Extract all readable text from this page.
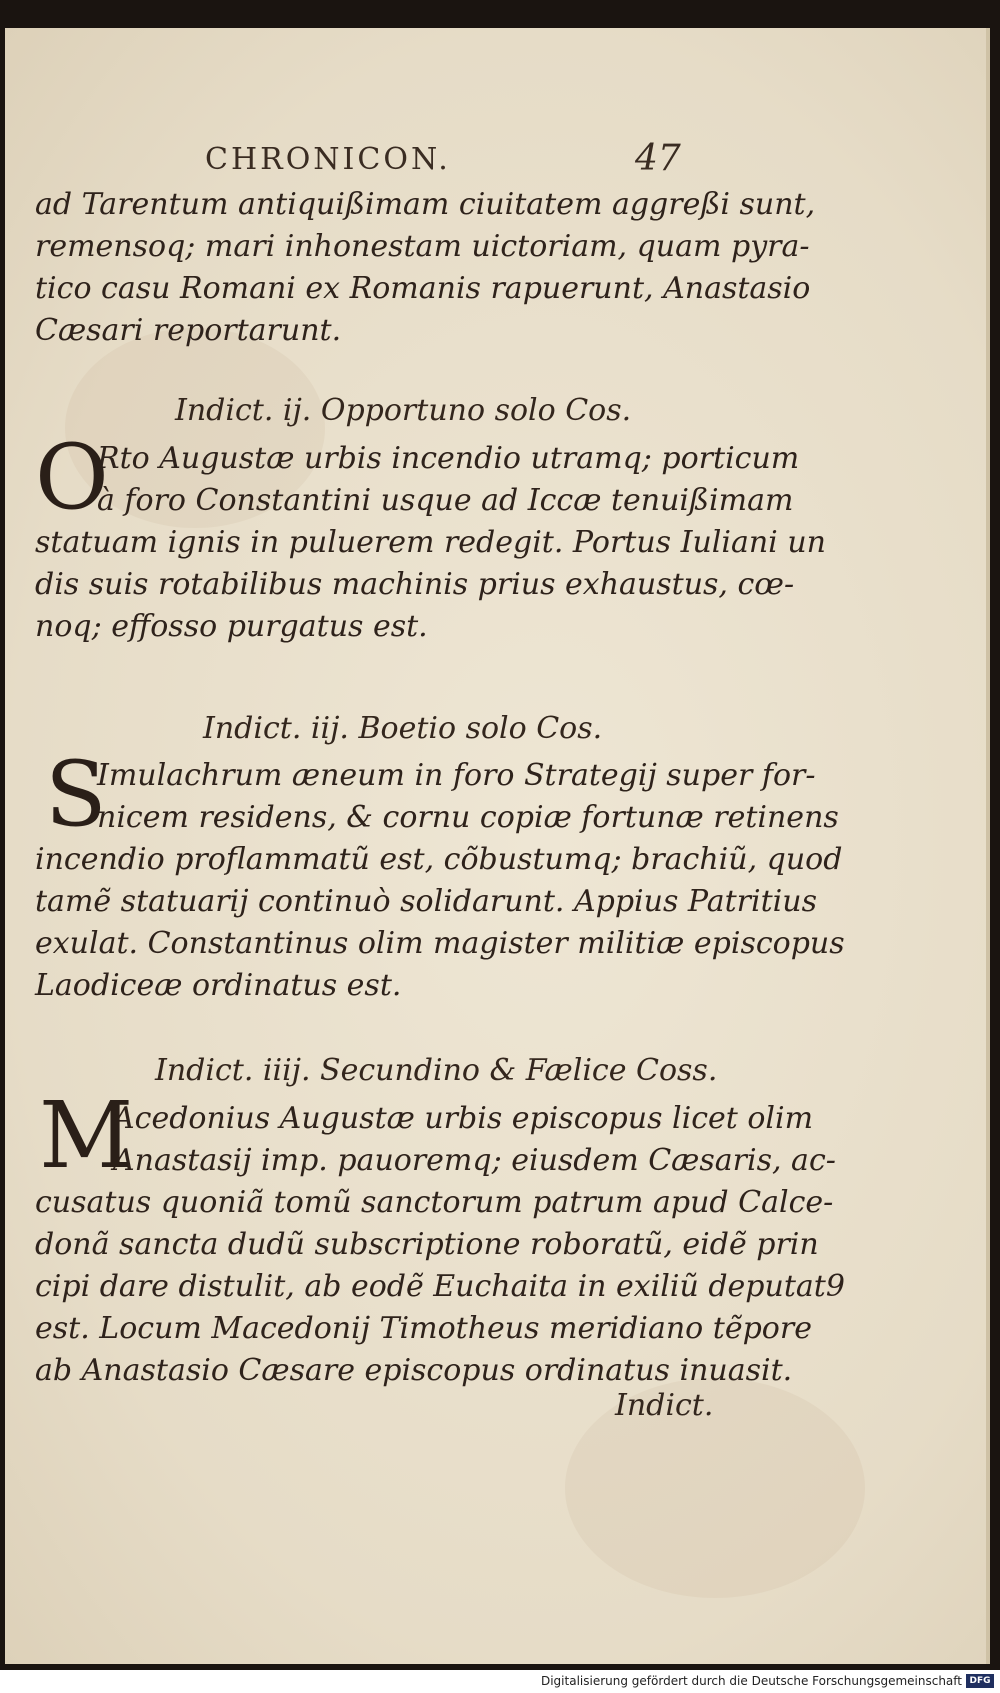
CHRONICON.	47

ad Tarentum antiquißimam ciuitatem aggreßi sunt,

remensoq; mari inhonestam uictoriam, quam pyra-

tico casu Romani ex Romanis rapuerunt, Anastasio

Cæsari reportarunt.

Indict. ij. Opportuno solo Cos.
O

Rto Augustæ urbis incendio utramq; porticum

à foro Constantini usque ad Iccæ tenuißimam

statuam ignis in puluerem redegit. Portus Iuliani un

dis suis rotabilibus machinis prius exhaustus, cœ-

noq; effosso purgatus est.

Indict. iij. Boetio solo Cos.
S

Imulachrum æneum in foro Strategij super for-

nicem residens, & cornu copiæ fortunæ retinens

incendio proflammatũ est, cõbustumq; brachiũ, quod

tamẽ statuarij continuò solidarunt. Appius Patritius

exulat. Constantinus olim magister militiæ episcopus

Laodiceæ ordinatus est.

Indict. iiij. Secundino & Fælice Coss.
M

Acedonius Augustæ urbis episcopus licet olim

Anastasij imp. pauoremq; eiusdem Cæsaris, ac-

cusatus quoniã tomũ sanctorum patrum apud Calce-

donã sancta dudũ subscriptione roboratũ, eidẽ prin

cipi dare distulit, ab eodẽ Euchaita in exiliũ deputat9

est. Locum Macedonij Timotheus meridiano tẽpore

ab Anastasio Cæsare episcopus ordinatus inuasit.

Indict.
Digitalisierung gefördert durch die Deutsche Forschungsgemeinschaft DFG
